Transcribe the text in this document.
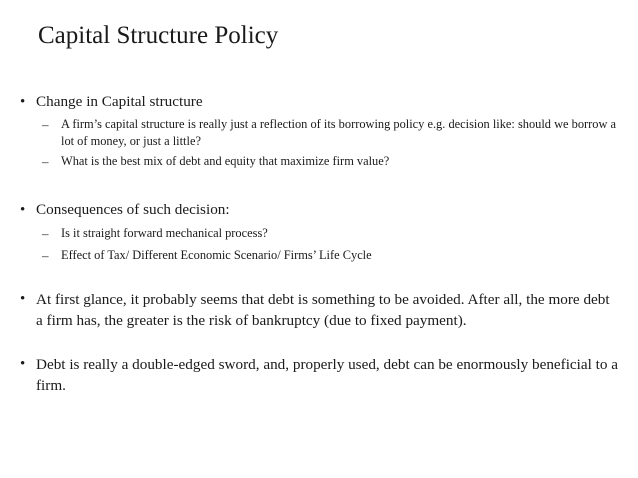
Capital Structure Policy
• Change in Capital structure
–	A firm’s capital structure is really just a reflection of its borrowing policy e.g. decision like: should we borrow a lot of money, or just a little?
–	What is the best mix of debt and equity that maximize firm value?
• Consequences of such decision:
–	Is it straight forward mechanical process?
–	Effect of Tax/ Different Economic Scenario/ Firms’ Life Cycle
• At first glance, it probably seems that debt is something to be avoided. After all, the more debt a firm has, the greater is the risk of bankruptcy (due to fixed payment).
• Debt is really a double-edged sword, and, properly used, debt can be enormously beneficial to a firm.
